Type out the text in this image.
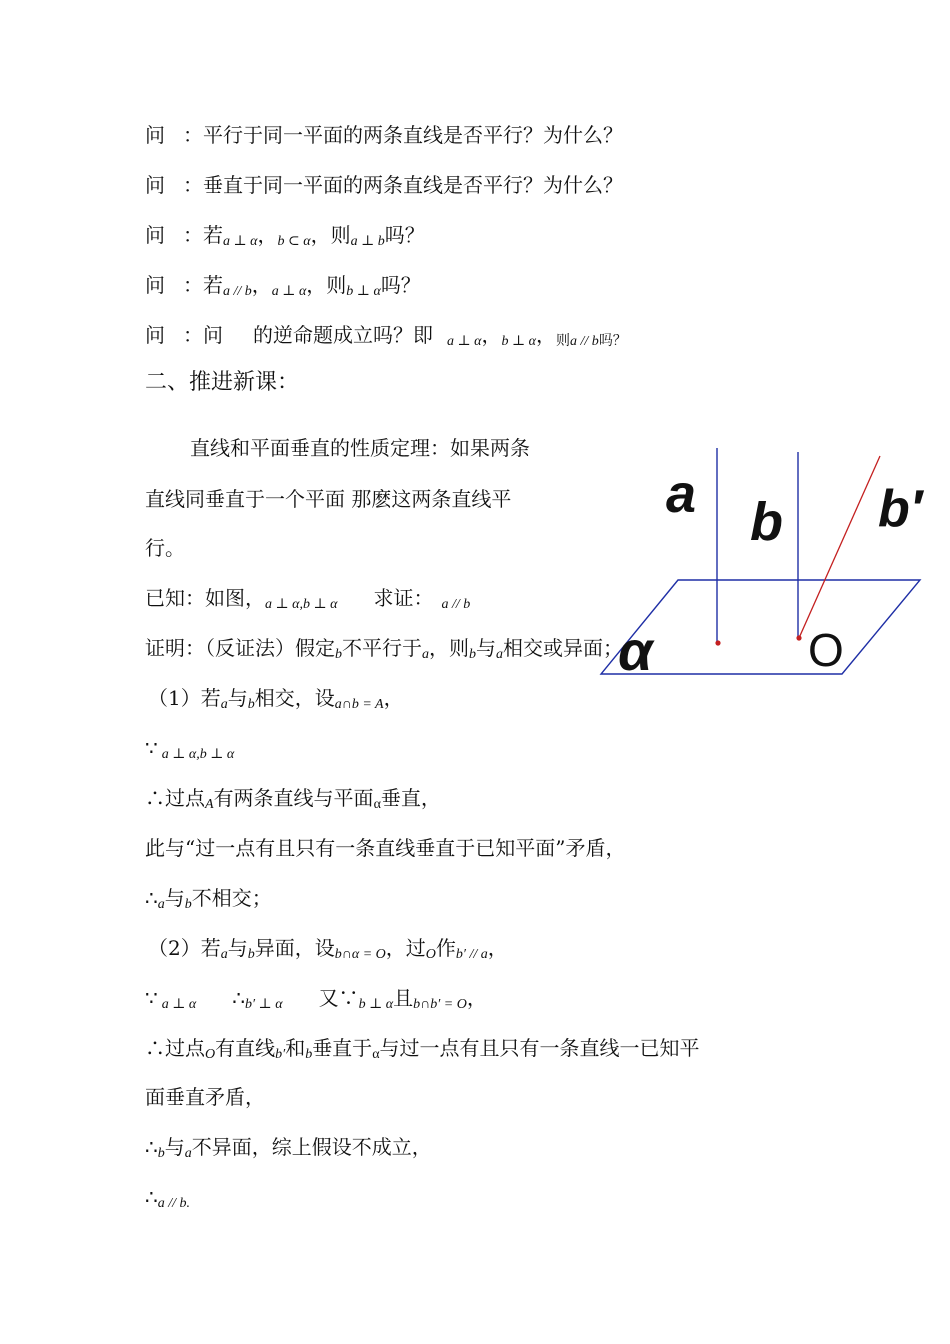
问 ：平行于同一平面的两条直线是否平行？为什么？
问 ：垂直于同一平面的两条直线是否平行？为什么？
问 ：若a ⊥ α，b ⊂ α，则a ⊥ b吗？
问 ：若a // b，a ⊥ α，则b ⊥ α吗？
问 ：问 的逆命题成立吗？即 a ⊥ α，b ⊥ α，则a // b吗？
二、推进新课：
直线和平面垂直的性质定理：如果两条
直线同垂直于一个平面 那麽这两条直线平
行。
已知：如图，a ⊥ α,b ⊥ α 求证： a // b
证明：（反证法）假定b不平行于a，则b与a相交或异面；
（1）若a与b相交，设a∩b = A，
∵ a ⊥ α,b ⊥ α
∴过点A有两条直线与平面α垂直，
此与“过一点有且只有一条直线垂直于已知平面”矛盾，
∴a与b不相交；
（2）若a与b异面，设b∩α = O，过O作b′ // a，
∵ a ⊥ α ∴b′ ⊥ α 又∵b ⊥ α且b∩b′ = O，
∴过点O有直线b′和b垂直于α与过一点有且只有一条直线一已知平
面垂直矛盾，
∴b与a不异面，综上假设不成立，
∴a // b.
a b b′
α	O
